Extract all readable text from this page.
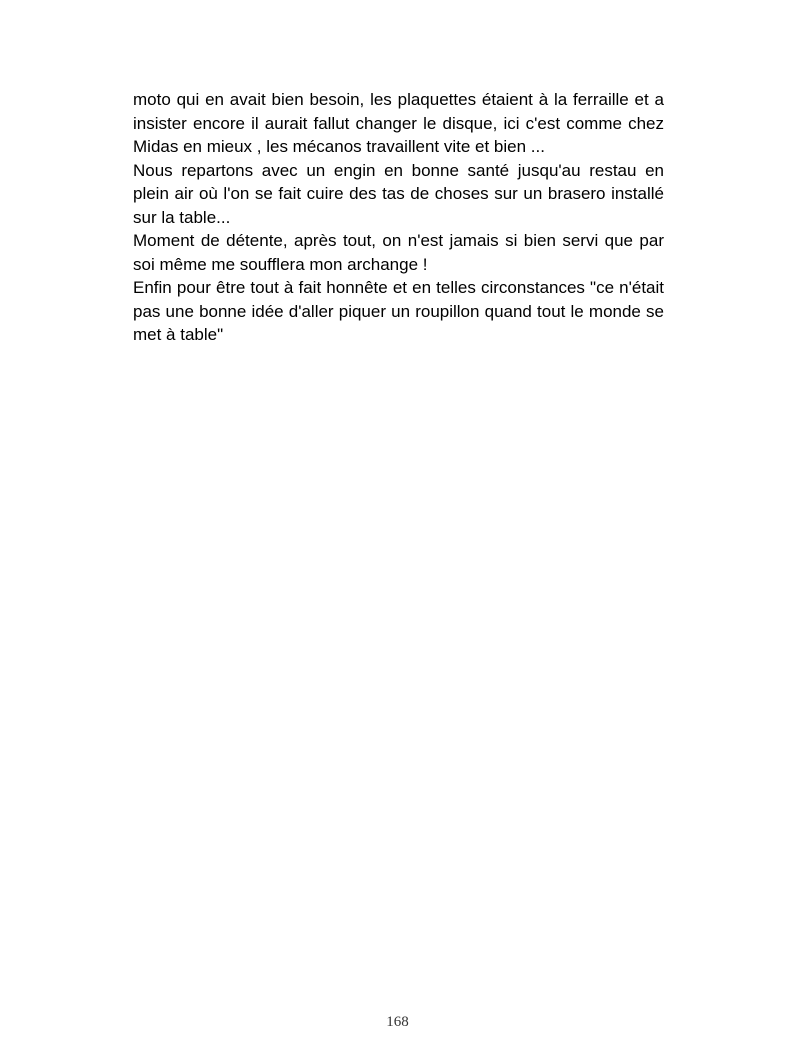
moto qui en avait bien besoin, les plaquettes étaient à la ferraille et a insister encore il aurait fallut changer le disque, ici c'est comme chez Midas en mieux , les mécanos travaillent vite et bien ...

Nous repartons avec un engin en bonne santé jusqu'au restau en plein air où l'on se fait cuire des tas de choses sur un brasero installé sur la table...

Moment de détente, après tout, on n'est jamais si bien servi que par soi même me soufflera mon archange !

Enfin pour être tout à fait honnête et en telles circonstances "ce n'était pas une bonne idée d'aller piquer un roupillon quand tout le monde se met à table"

168
